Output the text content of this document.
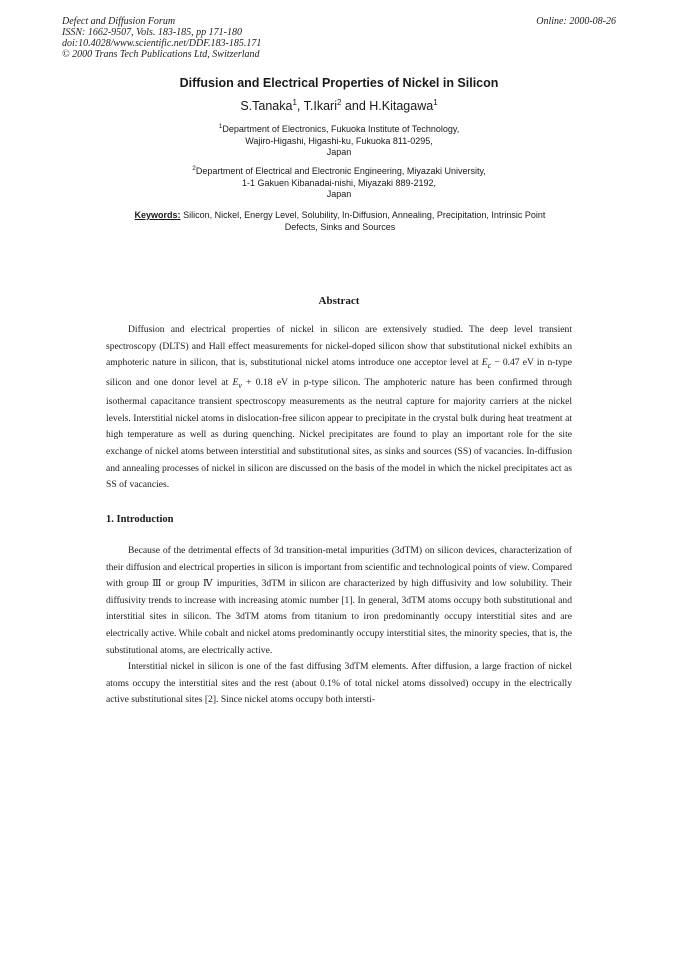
Defect and Diffusion Forum
ISSN: 1662-9507, Vols. 183-185, pp 171-180
doi:10.4028/www.scientific.net/DDF.183-185.171
© 2000 Trans Tech Publications Ltd, Switzerland
Online: 2000-08-26
Diffusion and Electrical Properties of Nickel in Silicon
S.Tanaka$^1$, T.Ikari$^2$ and H.Kitagawa$^1$
$^1$Department of Electronics, Fukuoka Institute of Technology,
Wajiro-Higashi, Higashi-ku, Fukuoka 811-0295,
Japan
$^2$Department of Electrical and Electronic Engineering, Miyazaki University,
1-1 Gakuen Kibanadai-nishi, Miyazaki 889-2192,
Japan
Keywords: Silicon, Nickel, Energy Level, Solubility, In-Diffusion, Annealing, Precipitation, Intrinsic Point Defects, Sinks and Sources
Abstract

Diffusion and electrical properties of nickel in silicon are extensively studied. The deep level transient spectroscopy (DLTS) and Hall effect measurements for nickel-doped silicon show that substitutional nickel exhibits an amphoteric nature in silicon, that is, substitutional nickel atoms introduce one acceptor level at $E_c - 0.47$ eV in n-type silicon and one donor level at $E_v + 0.18$ eV in p-type silicon. The amphoteric nature has been confirmed through isothermal capacitance transient spectroscopy measurements as the neutral capture for majority carriers at the nickel levels. Interstitial nickel atoms in dislocation-free silicon appear to precipitate in the crystal bulk during heat treatment at high temperature as well as during quenching. Nickel precipitates are found to play an important role for the site exchange of nickel atoms between interstitial and substitutional sites, as sinks and sources (SS) of vacancies. In-diffusion and annealing processes of nickel in silicon are discussed on the basis of the model in which the nickel precipitates act as SS of vacancies.

1. Introduction

Because of the detrimental effects of 3d transition-metal impurities (3dTM) on silicon devices, characterization of their diffusion and electrical properties in silicon is important from scientific and technological points of view. Compared with group Ⅲ or group Ⅳ impurities, 3dTM in silicon are characterized by high diffusivity and low solubility. Their diffusivity trends to increase with increasing atomic number [1]. In general, 3dTM atoms occupy both substitutional and interstitial sites in silicon. The 3dTM atoms from titanium to iron predominantly occupy interstitial sites and are electrically active. While cobalt and nickel atoms predominantly occupy interstitial sites, the minority species, that is, the substitutional atoms, are electrically active.

Interstitial nickel in silicon is one of the fast diffusing 3dTM elements. After diffusion, a large fraction of nickel atoms occupy the interstitial sites and the rest (about 0.1% of total nickel atoms dissolved) occupy in the electrically active substitutional sites [2]. Since nickel atoms occupy both intersti-
